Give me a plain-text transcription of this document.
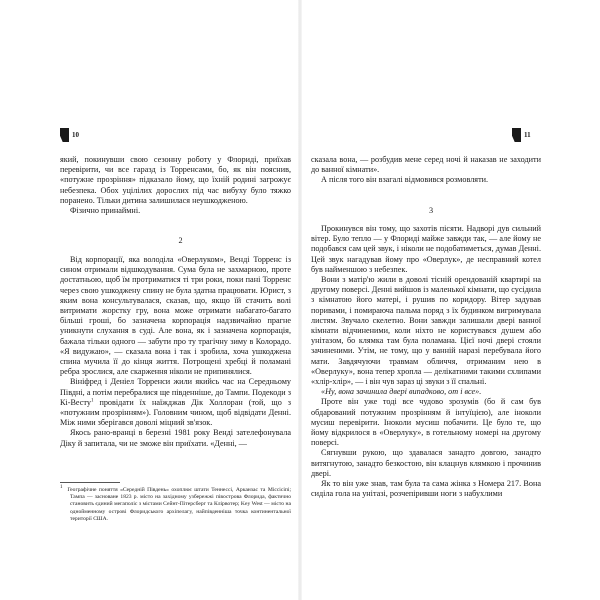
10	11

який, покинувши свою сезонну роботу у Флориді, приїхав перевірити, чи все гаразд із Торренсами, бо, як він пояснив, «потужне прозріння» підказало йому, що їхній родині загрожує небезпека. Обох уцілілих дорослих під час вибуху було тяжко поранено. Тільки дитина залишилася неушкодженою.

Фізично принаймні.

2

Від корпорації, яка володіла «Оверлуком», Венді Торренс із сином отримали відшкодування. Сума була не захмарною, проте достатньою, щоб їм протриматися ті три роки, поки пані Торренс через свою ушкоджену спину не була здатна працювати. Юрист, з яким вона консультувалася, сказав, що, якщо їй стачить волі витримати жорстку гру, вона може отримати набагато-багато більші гроші, бо зазначена корпорація надзвичайно прагне уникнути слухання в суді. Але вона, як і зазначена корпорація, бажала тільки одного — забути про ту трагічну зиму в Колорадо. «Я видужаю», — сказала вона і так і зробила, хоча ушкоджена спина мучила її до кінця життя. Потрощені хребці й поламані ребра зрослися, але скарження ніколи не припинялися.

Вініфред і Деніел Торренси жили якийсь час на Середньому Півдні, а потім перебралися ще південніше, до Тампи. Подекоди з Кі-Весту$^1$ провідати їх наїжджав Дік Холлоран (той, що з «потужним прозрінням»). Головним чином, щоб відвідати Денні. Між ними зберігався доволі міцний зв'язок.

Якось рано-вранці в березні 1981 року Венді зателефонувала Діку й запитала, чи не зможе він приїхати. «Денні, —

$^1$ Географічне поняття «Середній Південь» охоплює штати Теннессі, Арканзас та Міссісіпі; Тампа — засноване 1823 р. місто на західному узбережжі півострова Флорида, фактично становить єдиний мегаполіс з містами Сейнт-Пітерсберг та Клірвотер; Key West — місто на однойменному острові Флоридського архіпелагу, найпівденніша точка континентальної території США.

сказала вона, — розбудив мене серед ночі й наказав не заходити до ванної кімнати».

А після того він взагалі відмовився розмовляти.

3

Прокинувся він тому, що захотів пісяти. Надворі дув сильний вітер. Було тепло — у Флориді майже завжди так, — але йому не подобався сам цей звук, і ніколи не подобатиметься, думав Денні. Цей звук нагадував йому про «Оверлук», де несправний котел був найменшою з небезпек.

Вони з матір'ю жили в доволі тісній орендованій квартирі на другому поверсі. Денні вийшов із маленької кімнати, що сусідила з кімнатою його матері, і рушив по коридору. Вітер задував поривами, і помираюча пальма поряд з їх будинком вигримувала листям. Звучало скелетно. Вони завжди залишали двері ванної кімнати відчиненими, коли ніхто не користувався душем або унітазом, бо клямка там була поламана. Цієї ночі двері стояли зачиненими. Утім, не тому, що у ванній наразі перебувала його мати. Завдячуючи травмам обличчя, отриманим нею в «Оверлуку», вона тепер хропла — делікатними такими схлипами «хлір-хлір», — і він чув зараз ці звуки з її спальні.

«Ну, вона зачинила двері випадково, от і все».

Проте він уже тоді все чудово зрозумів (бо й сам був обдарований потужним прозрінням й інтуїцією), але іноколи мусиш перевірити. Іноколи мусиш побачити. Це було те, що йому відкрилося в «Оверлуку», в готельному номері на другому поверсі.

Сягнувши рукою, що здавалася занадто довгою, занадто витягнутою, занадто безкостою, він клацнув клямкою і прочинив двері.

Як то він уже знав, там була та сама жінка з Номера 217. Вона сиділа гола на унітазі, розчепіривши ноги з набухлими
